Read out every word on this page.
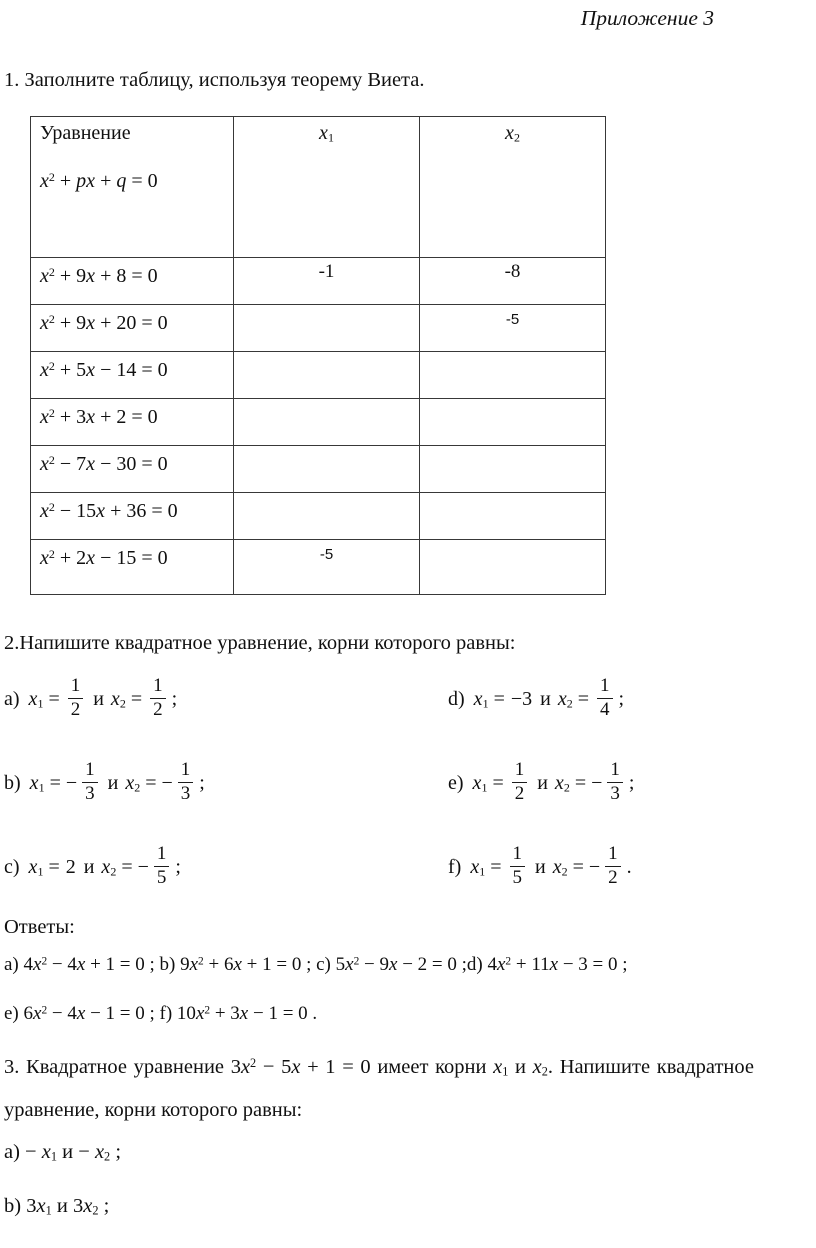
Приложение 3

1. Заполните таблицу, используя теорему Виета.

Уравнение
$x^2$ + px + q = 0	$x_1$	$x_2$
$x^2 + 9x + 8 = 0$	-1	-8
$x^2 + 9x + 20 = 0$		-5
$x^2 + 5x - 14 = 0$		
$x^2 + 3x + 2 = 0$		
$x^2 - 7x - 30 = 0$		
$x^2 - 15x + 36 = 0$		
$x^2 + 2x - 15 = 0$	-5	

2.Напишите квадратное уравнение, корни которого равны:

a) $x_1 = \frac{1}{2}$ и $x_2 = \frac{1}{2}$ ;	d) $x_1 = -3$ и $x_2 = \frac{1}{4}$ ;
b) $x_1$ = − $\frac{1}{3}$ и $x_2$ = − $\frac{1}{3}$ ;	e) $x_1 = \frac{1}{2}$ и $x_2$ = − $\frac{1}{3}$ ;
c) $x_1 = 2$ и $x_2$ = − $\frac{1}{5}$ ;	f) $x_1 = \frac{1}{5}$ и $x_2$ = − $\frac{1}{2}$ .

Ответы:

a) $4x^2 - 4x + 1 = 0$ ; b) $9x^2 + 6x + 1 = 0$ ; c) $5x^2 - 9x - 2 = 0$ ;d) $4x^2 + 11x - 3 = 0$ ;

e) $6x^2 - 4x - 1 = 0$ ; f) $10x^2 + 3x - 1 = 0$ .

3. Квадратное уравнение $3x^2 - 5x + 1 = 0$ имеет корни $x_1$ и $x_2$. Напишите квадратное уравнение, корни которого равны:

$a) - x_1$ $и - x_2$ ;
b) $3x_1$ и $3x_2$ ;
